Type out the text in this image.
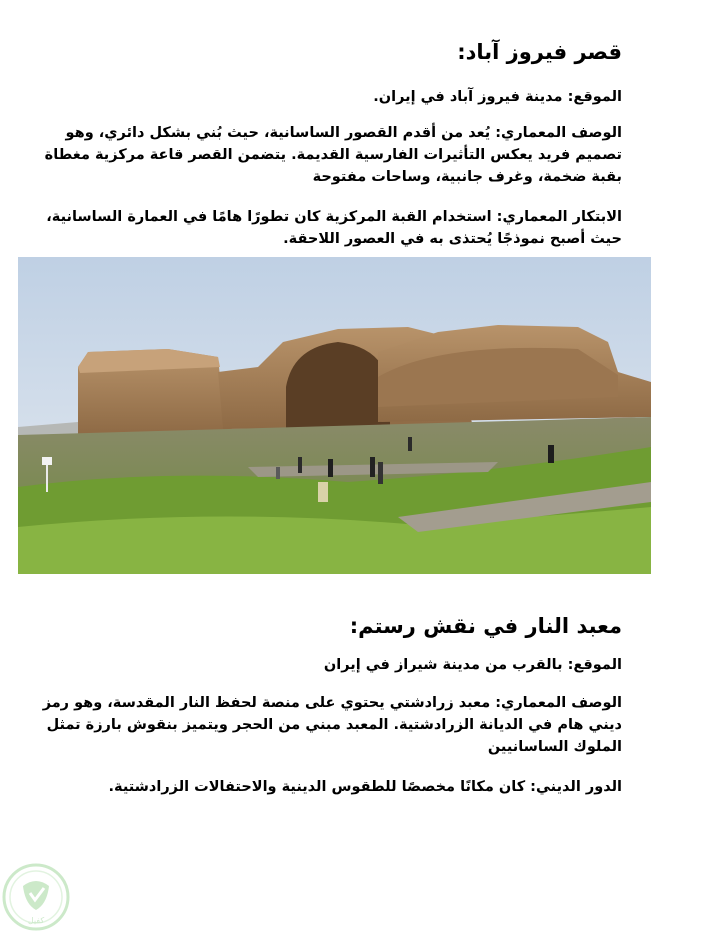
قصر فيروز آباد:

الموقع: مدينة فيروز آباد في إيران.

الوصف المعماري: يُعد من أقدم القصور الساسانية، حيث بُني بشكل دائري، وهو تصميم فريد يعكس التأثيرات الفارسية القديمة. يتضمن القصر قاعة مركزية مغطاة بقبة ضخمة، وغرف جانبية، وساحات مفتوحة

الابتكار المعماري: استخدام القبة المركزية كان تطورًا هامًا في العمارة الساسانية، حيث أصبح نموذجًا يُحتذى به في العصور اللاحقة.

معبد النار في نقش رستم:

الموقع: بالقرب من مدينة شيراز في إيران

الوصف المعماري: معبد زرادشتي يحتوي على منصة لحفظ النار المقدسة، وهو رمز ديني هام في الديانة الزرادشتية. المعبد مبني من الحجر ويتميز بنقوش بارزة تمثل الملوك الساسانيين

الدور الديني: كان مكانًا مخصصًا للطقوس الدينية والاحتفالات الزرادشتية.

كفيل
